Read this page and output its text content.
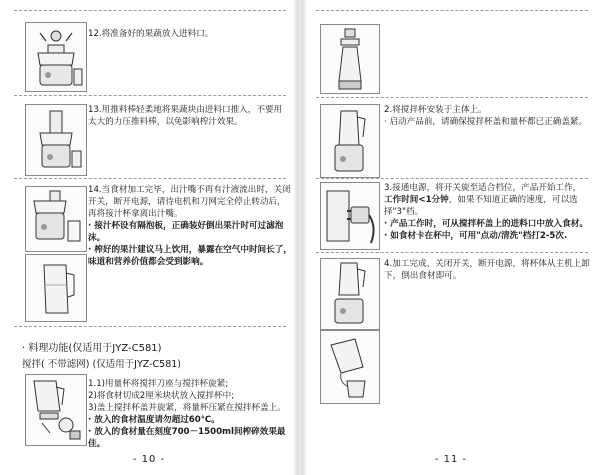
12.将准备好的果蔬放入进料口。
13.用推料棒轻柔地将果蔬块由进料口推入，不要用太大的力压推料棒，以免影响榨汁效果。

14.当食材加工完毕，出汁嘴不再有汁液流出时，关闭开关，断开电源，请待电机和刀网完全停止转动后，再将接汁杯拿离出汁嘴。

· 接汁杯设有隔泡板，正确装好倒出果汁时可过滤泡沫。

· 榨好的果汁建议马上饮用，暴露在空气中时间长了，味道和营养价值都会受到影响。

· 料理功能(仅适用于JYZ-C581)
搅拌( 不带滤网) (仅适用于JYZ-C581)

1.1)用量杯将搅拌刀座与搅拌杯旋紧;

2)将食材切成2厘米块状放入搅拌杯中;

3)盖上搅拌杯盖并旋紧，将量杯压紧在搅拌杯盖上。

· 放入的食材温度请勿超过60℃。

· 放入的食材量在刻度700－1500ml间榨碎效果最佳。

- 10 -

2.将搅拌杯安装于主体上。

· 启动产品前，请确保搅拌杯盖和量杯都已正确盖紧。

3.接通电源，将开关旋至适合档位，产品开始工作，

工作时间<1分钟，如果不知道正确的速度，可以选择"3"档。

· 产品工作时，可从搅拌杯盖上的进料口中放入食材。

· 如食材卡在杯中，可用"点动/清洗"档打2-5次.

4.加工完成，关闭开关，断开电源，将杯体从主机上卸下，倒出食材即可。
- 11 -
